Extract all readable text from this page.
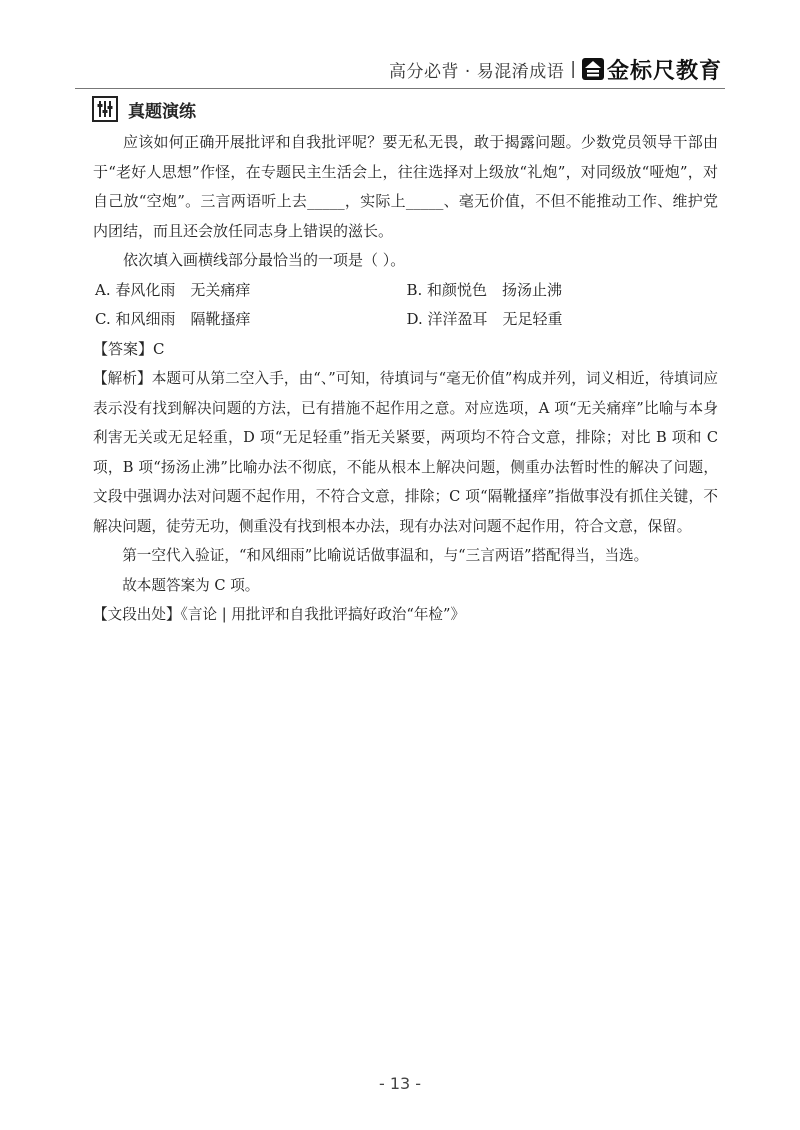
高分必背 · 易混淆成语 | 金标尺教育
真题演练

应该如何正确开展批评和自我批评呢？要无私无畏，敢于揭露问题。少数党员领导干部由于“老好人思想”作怪，在专题民主生活会上，往往选择对上级放“礼炮”，对同级放“哑炮”，对自己放“空炮”。三言两语听上去_____，实际上_____、毫无价值，不但不能推动工作、维护党内团结，而且还会放任同志身上错误的滋长。

依次填入画横线部分最恰当的一项是（ ）。

A. 春风化雨　无关痛痒	B. 和颜悦色　扬汤止沸
C. 和风细雨　隔靴搔痒	D. 洋洋盈耳　无足轻重

【答案】C

【解析】本题可从第二空入手，由“、”可知，待填词与“毫无价值”构成并列，词义相近，待填词应表示没有找到解决问题的方法，已有措施不起作用之意。对应选项，A 项“无关痛痒”比喻与本身利害无关或无足轻重，D 项“无足轻重”指无关紧要，两项均不符合文意，排除；对比 B 项和 C 项，B 项“扬汤止沸”比喻办法不彻底，不能从根本上解决问题，侧重办法暂时性的解决了问题，文段中强调办法对问题不起作用，不符合文意，排除；C 项“隔靴搔痒”指做事没有抓住关键，不解决问题，徒劳无功，侧重没有找到根本办法，现有办法对问题不起作用，符合文意，保留。

第一空代入验证，“和风细雨”比喻说话做事温和，与“三言两语”搭配得当，当选。

故本题答案为 C 项。

【文段出处】《言论 | 用批评和自我批评搞好政治“年检”》

- 13 -
